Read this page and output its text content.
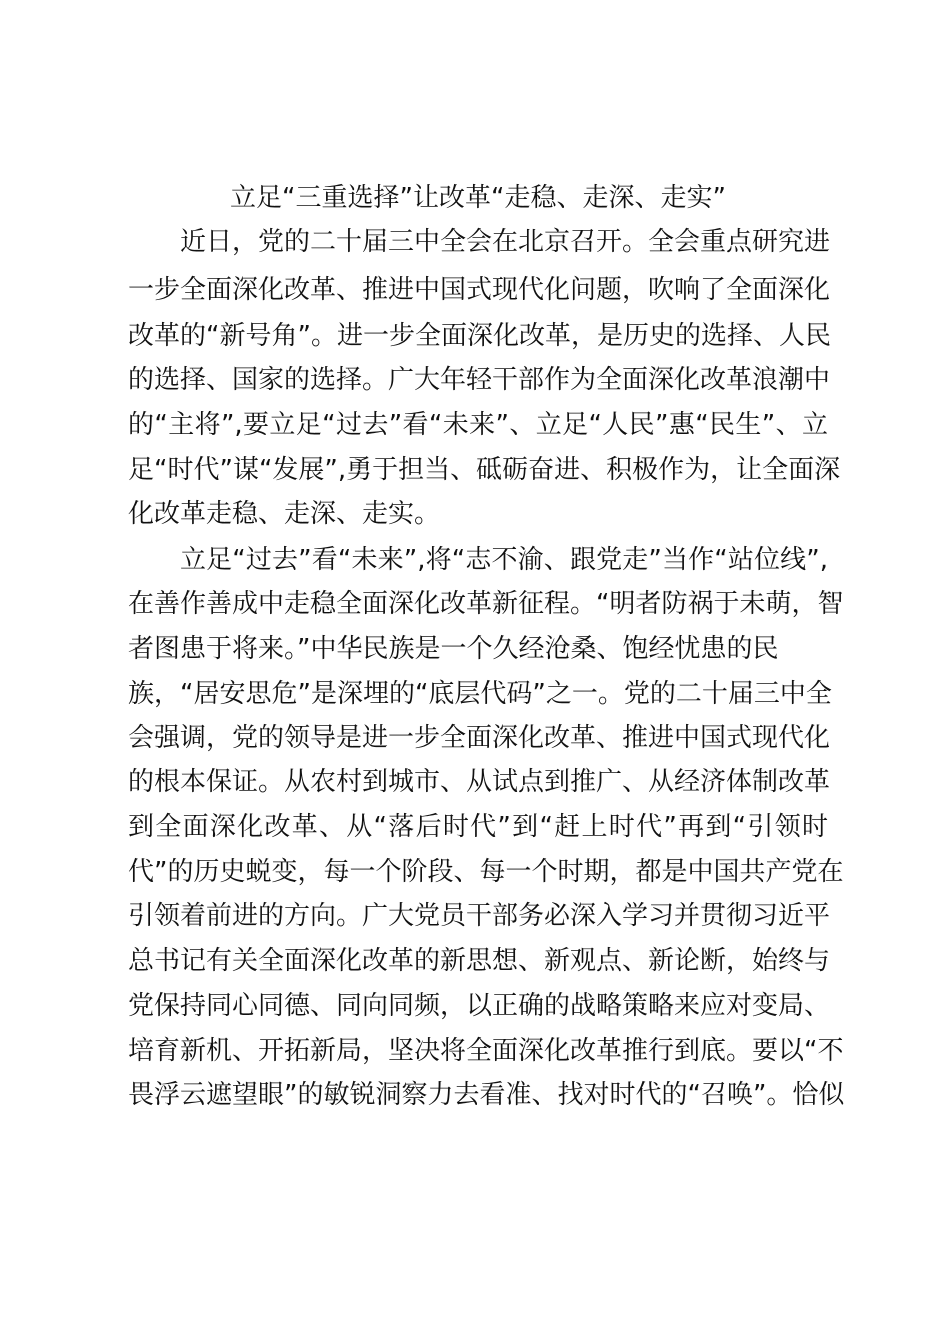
立足“三重选择”让改革“走稳、走深、走实”

近日，党的二十届三中全会在北京召开。全会重点研究进

一步全面深化改革、推进中国式现代化问题，吹响了全面深化

改革的“新号角”。进一步全面深化改革，是历史的选择、人民

的选择、国家的选择。广大年轻干部作为全面深化改革浪潮中

的“主将”,要立足“过去”看“未来”、立足“人民”惠“民生”、立

足“时代”谋“发展”,勇于担当、砥砺奋进、积极作为，让全面深

化改革走稳、走深、走实。

立足“过去”看“未来”,将“志不渝、跟党走”当作“站位线”,

在善作善成中走稳全面深化改革新征程。“明者防祸于未萌，智

者图患于将来。”中华民族是一个久经沧桑、饱经忧患的民

族，“居安思危”是深埋的“底层代码”之一。党的二十届三中全

会强调，党的领导是进一步全面深化改革、推进中国式现代化

的根本保证。从农村到城市、从试点到推广、从经济体制改革

到全面深化改革、从“落后时代”到“赶上时代”再到“引领时

代”的历史蜕变，每一个阶段、每一个时期，都是中国共产党在

引领着前进的方向。广大党员干部务必深入学习并贯彻习近平

总书记有关全面深化改革的新思想、新观点、新论断，始终与

党保持同心同德、同向同频，以正确的战略策略来应对变局、

培育新机、开拓新局，坚决将全面深化改革推行到底。要以“不

畏浮云遮望眼”的敏锐洞察力去看准、找对时代的“召唤”。恰似
